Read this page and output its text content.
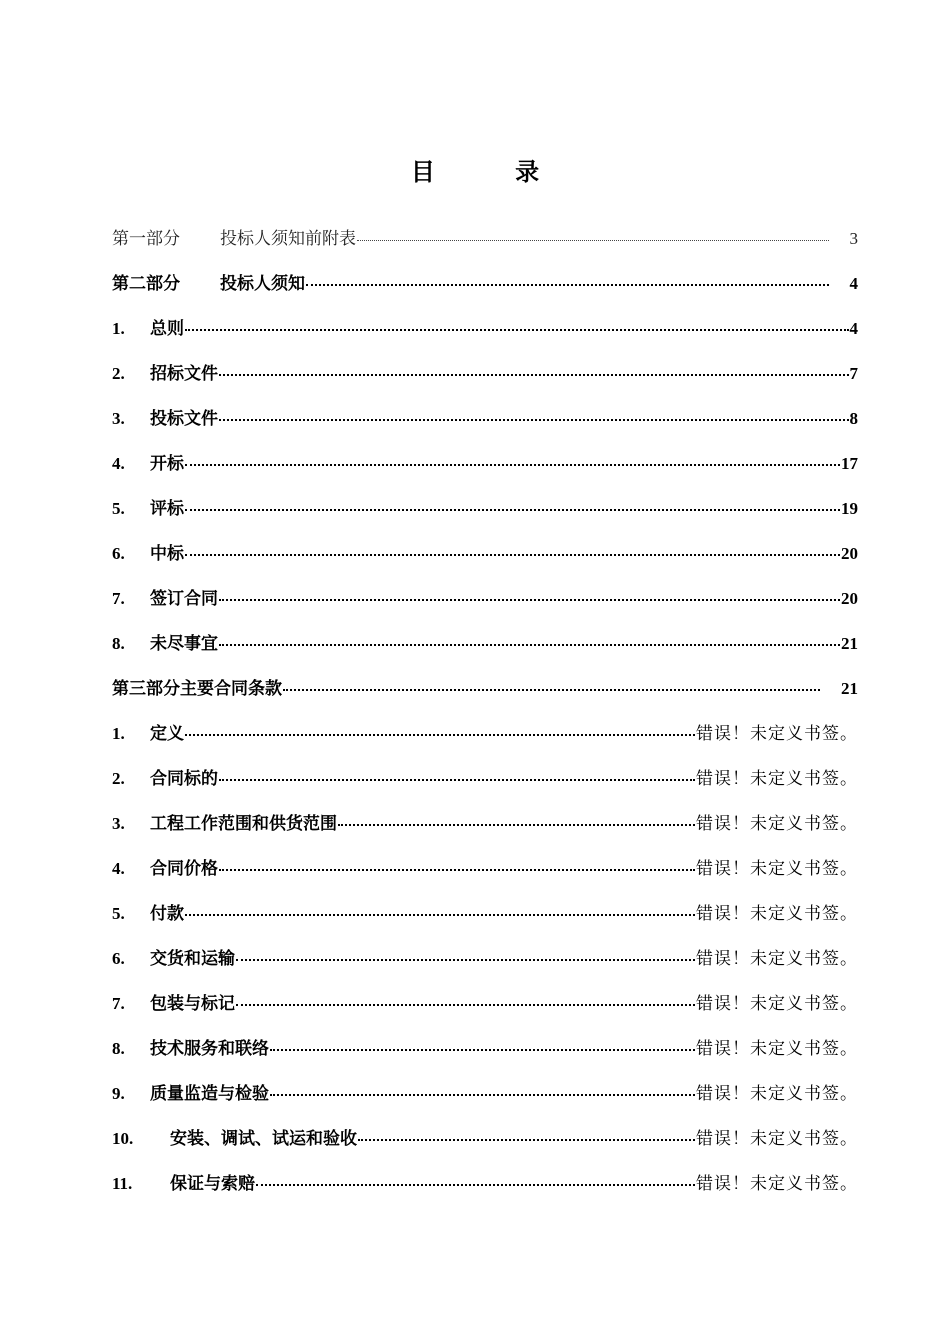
目	录
第一部分 投标人须知前附表	3
第二部分 投标人须知	4
1.	总则	4
2.	招标文件	7
3.	投标文件	8
4.	开标	17
5.	评标	19
6.	中标	20
7.	签订合同	20
8.	未尽事宜	21
第三部分主要合同条款	21
1.	定义	错误！未定义书签。
2.	合同标的	错误！未定义书签。
3.	工程工作范围和供货范围	错误！未定义书签。
4.	合同价格	错误！未定义书签。
5.	付款	错误！未定义书签。
6.	交货和运输	错误！未定义书签。
7.	包装与标记	错误！未定义书签。
8.	技术服务和联络	错误！未定义书签。
9.	质量监造与检验	错误！未定义书签。
10.	安装、调试、试运和验收	错误！未定义书签。
11.	保证与索赔	错误！未定义书签。
